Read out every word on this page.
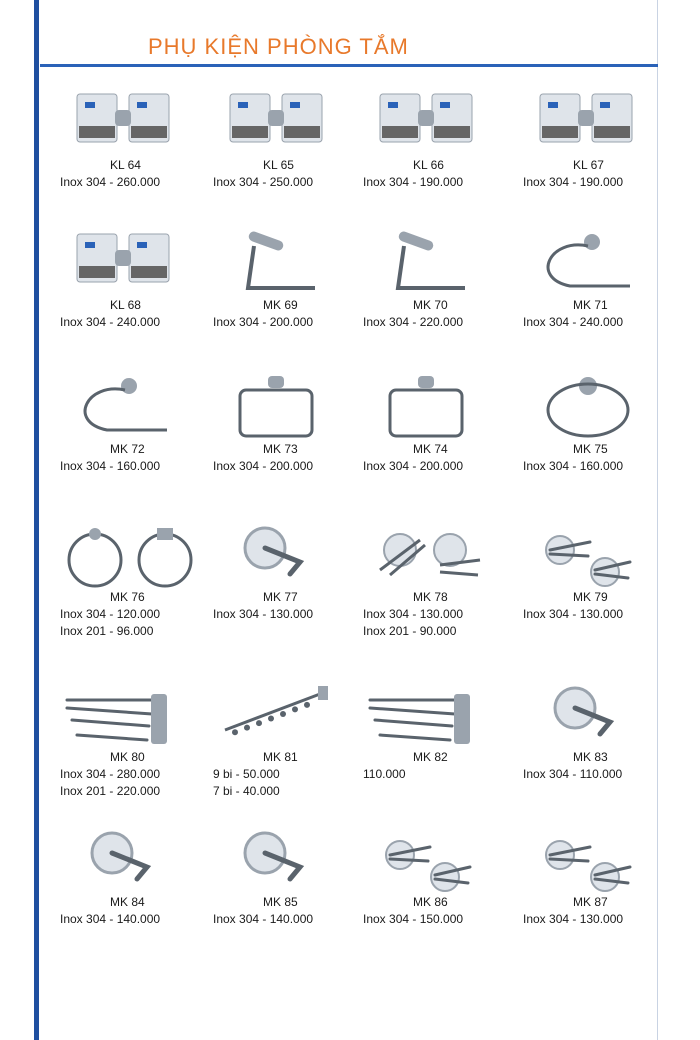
PHỤ KIỆN PHÒNG TẮM
KL 64
Inox 304 - 260.000
KL 65
Inox 304 - 250.000
KL 66
Inox 304 - 190.000
KL 67
Inox 304 - 190.000
KL 68
Inox 304 - 240.000
MK 69
Inox 304 - 200.000
MK 70
Inox 304 - 220.000
MK 71
Inox 304 - 240.000
MK 72
Inox 304 - 160.000
MK 73
Inox 304 - 200.000
MK 74
Inox 304 - 200.000
MK 75
Inox 304 - 160.000
MK 76
Inox 304 - 120.000
Inox 201 - 96.000
MK 77
Inox 304 - 130.000
MK 78
Inox 304 - 130.000
Inox 201 - 90.000
MK 79
Inox 304 - 130.000
MK 80
Inox 304 - 280.000
Inox 201 - 220.000
MK 81
9 bi - 50.000
7 bi - 40.000
MK 82
110.000
MK 83
Inox 304 - 110.000
MK 84
Inox 304 - 140.000
MK 85
Inox 304 - 140.000
MK 86
Inox 304 - 150.000
MK 87
Inox 304 - 130.000
